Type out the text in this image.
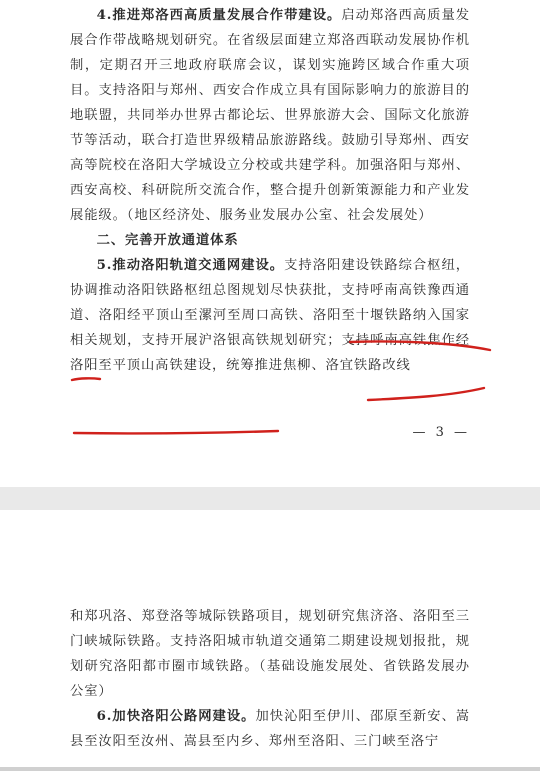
4.推进郑洛西高质量发展合作带建设。启动郑洛西高质量发展合作带战略规划研究。在省级层面建立郑洛西联动发展协作机制，定期召开三地政府联席会议，谋划实施跨区域合作重大项目。支持洛阳与郑州、西安合作成立具有国际影响力的旅游目的地联盟，共同举办世界古都论坛、世界旅游大会、国际文化旅游节等活动，联合打造世界级精品旅游路线。鼓励引导郑州、西安高等院校在洛阳大学城设立分校或共建学科。加强洛阳与郑州、西安高校、科研院所交流合作，整合提升创新策源能力和产业发展能级。（地区经济处、服务业发展办公室、社会发展处）

二、完善开放通道体系

5.推动洛阳轨道交通网建设。支持洛阳建设铁路综合枢纽，协调推动洛阳铁路枢纽总图规划尽快获批，支持呼南高铁豫西通道、洛阳经平顶山至漯河至周口高铁、洛阳至十堰铁路纳入国家相关规划，支持开展沪洛银高铁规划研究；支持呼南高铁焦作经洛阳至平顶山高铁建设，统筹推进焦柳、洛宜铁路改线

— 3 —

和郑巩洛、郑登洛等城际铁路项目，规划研究焦济洛、洛阳至三门峡城际铁路。支持洛阳城市轨道交通第二期建设规划报批，规划研究洛阳都市圈市域铁路。（基础设施发展处、省铁路发展办公室）

6.加快洛阳公路网建设。加快沁阳至伊川、邵原至新安、嵩县至汝阳至汝州、嵩县至内乡、郑州至洛阳、三门峡至洛宁
